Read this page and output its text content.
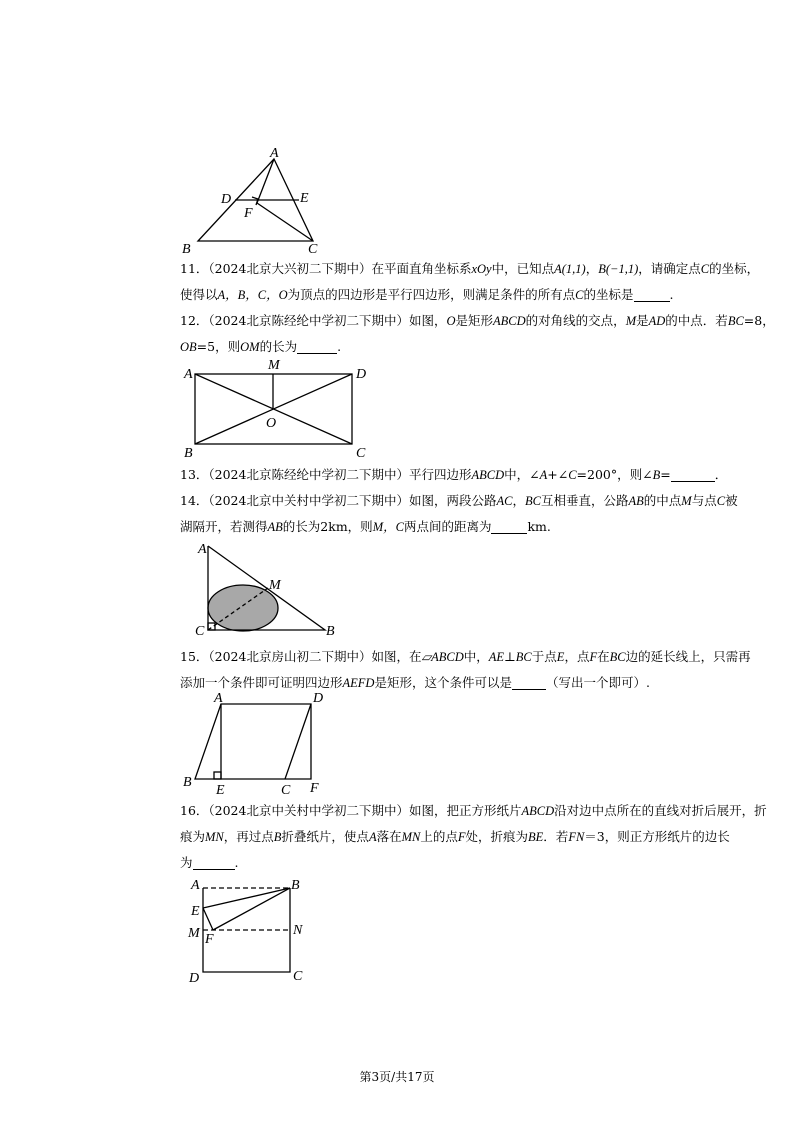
A
B	C
D	E
F
11．（2024北京大兴初二下期中）在平面直角坐标系xOy中，已知点A(1,1)，B(−1,1)，请确定点C的坐标，
使得以A，B，C，O为顶点的四边形是平行四边形，则满足条件的所有点C的坐标是	.
12．（2024北京陈经纶中学初二下期中）如图，O是矩形ABCD的对角线的交点，M是AD的中点．若BC=8，
OB=5，则OM的长为	.
A
M
D
O
B	C
13．（2024北京陈经纶中学初二下期中）平行四边形ABCD中，∠A+∠C=200°，则∠B=	．
14．（2024北京中关村中学初二下期中）如图，两段公路AC，BC互相垂直，公路AB的中点M与点C被
湖隔开，若测得AB的长为2km，则M，C两点间的距离为	km.
A
M
C	B
15．（2024北京房山初二下期中）如图，在▱ABCD中，AE⊥BC于点E，点F在BC边的延长线上，只需再
添加一个条件即可证明四边形AEFD是矩形，这个条件可以是	（写出一个即可）.
A	D
B
E	C F
16．（2024北京中关村中学初二下期中）如图，把正方形纸片ABCD沿对边中点所在的直线对折后展开，折
痕为MN，再过点B折叠纸片，使点A落在MN上的点F处，折痕为BE．若FN＝3，则正方形纸片的边长
为	.
A	B
E
M F
N
D	C
第3页/共17页
